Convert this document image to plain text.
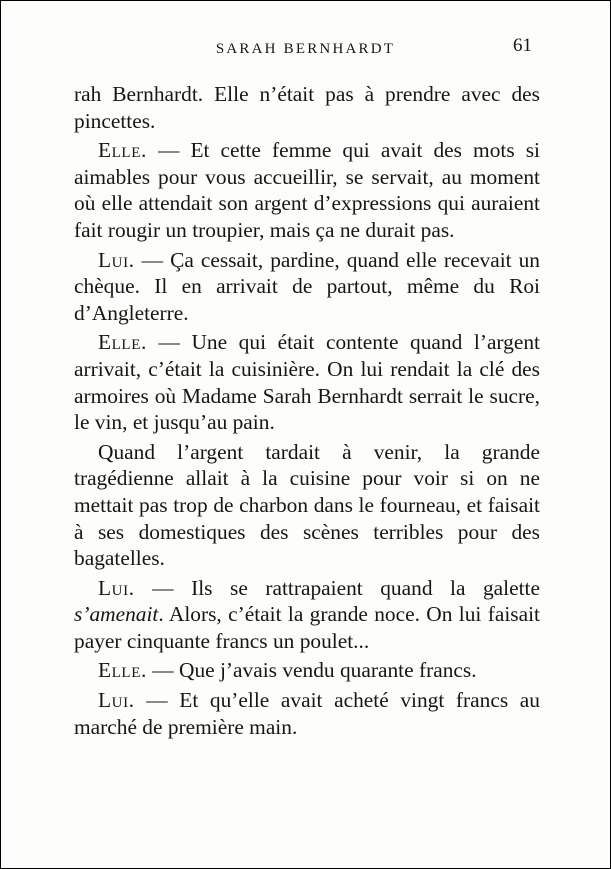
SARAH BERNHARDT	61

rah Bernhardt. Elle n’était pas à prendre avec des pincettes.

Elle. — Et cette femme qui avait des mots si aimables pour vous accueillir, se servait, au moment où elle attendait son argent d’expressions qui auraient fait rougir un troupier, mais ça ne durait pas.

Lui. — Ça cessait, pardine, quand elle recevait un chèque. Il en arrivait de partout, même du Roi d’Angleterre.

Elle. — Une qui était contente quand l’argent arrivait, c’était la cuisinière. On lui rendait la clé des armoires où Madame Sarah Bernhardt serrait le sucre, le vin, et jusqu’au pain.

Quand l’argent tardait à venir, la grande tragédienne allait à la cuisine pour voir si on ne mettait pas trop de charbon dans le fourneau, et faisait à ses domestiques des scènes terribles pour des bagatelles.

Lui. — Ils se rattrapaient quand la galette s’amenait. Alors, c’était la grande noce. On lui faisait payer cinquante francs un poulet...

Elle. — Que j’avais vendu quarante francs.

Lui. — Et qu’elle avait acheté vingt francs au marché de première main.
